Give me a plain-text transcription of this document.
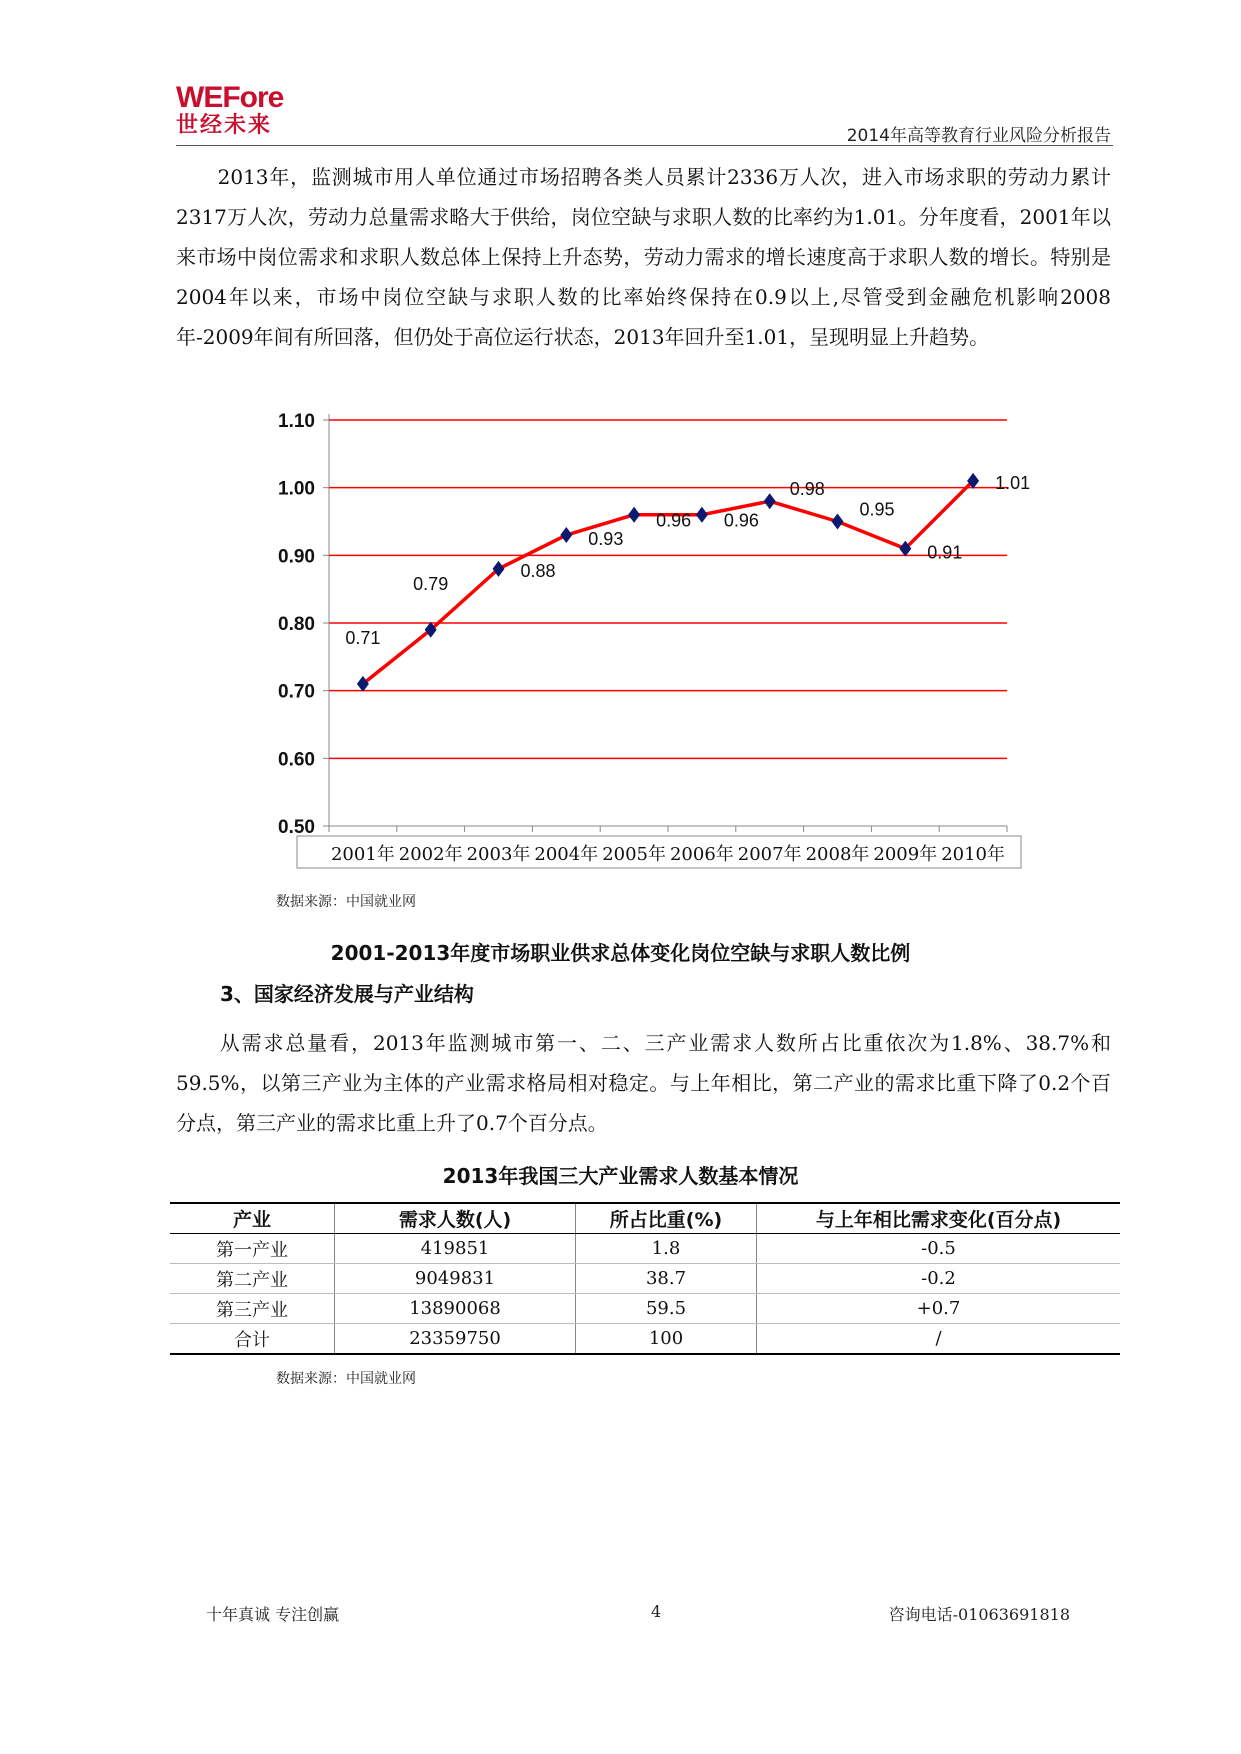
WEFore
世经未来	2014年高等教育行业风险分析报告
　　2013年，监测城市用人单位通过市场招聘各类人员累计2336万人次，进入市场求职的劳动力累计2317万人次，劳动力总量需求略大于供给，岗位空缺与求职人数的比率约为1.01。分年度看，2001年以来市场中岗位需求和求职人数总体上保持上升态势，劳动力需求的增长速度高于求职人数的增长。特别是2004年以来，市场中岗位空缺与求职人数的比率始终保持在0.9以上,尽管受到金融危机影响2008年-2009年间有所回落，但仍处于高位运行状态，2013年回升至1.01，呈现明显上升趋势。
0.50
0.60
0.70
0.80
0.90
1.00
1.10
2001年 2002年 2003年 2004年 2005年 2006年 2007年 2008年 2009年 2010年
0.71
0.79
0.88
0.93
0.96 0.96
0.98
0.95
0.91
1.01
数据来源：中国就业网
2001-2013年度市场职业供求总体变化岗位空缺与求职人数比例
3、国家经济发展与产业结构
　　从需求总量看，2013年监测城市第一、二、三产业需求人数所占比重依次为1.8%、38.7%和59.5%，以第三产业为主体的产业需求格局相对稳定。与上年相比，第二产业的需求比重下降了0.2个百分点，第三产业的需求比重上升了0.7个百分点。
2013年我国三大产业需求人数基本情况
产业	需求人数(人)	所占比重(%)	与上年相比需求变化(百分点)
第一产业	419851	1.8	-0.5
第二产业	9049831	38.7	-0.2
第三产业	13890068	59.5	+0.7
合计	23359750	100	/
数据来源：中国就业网
十年真诚 专注创赢	4	咨询电话-01063691818
